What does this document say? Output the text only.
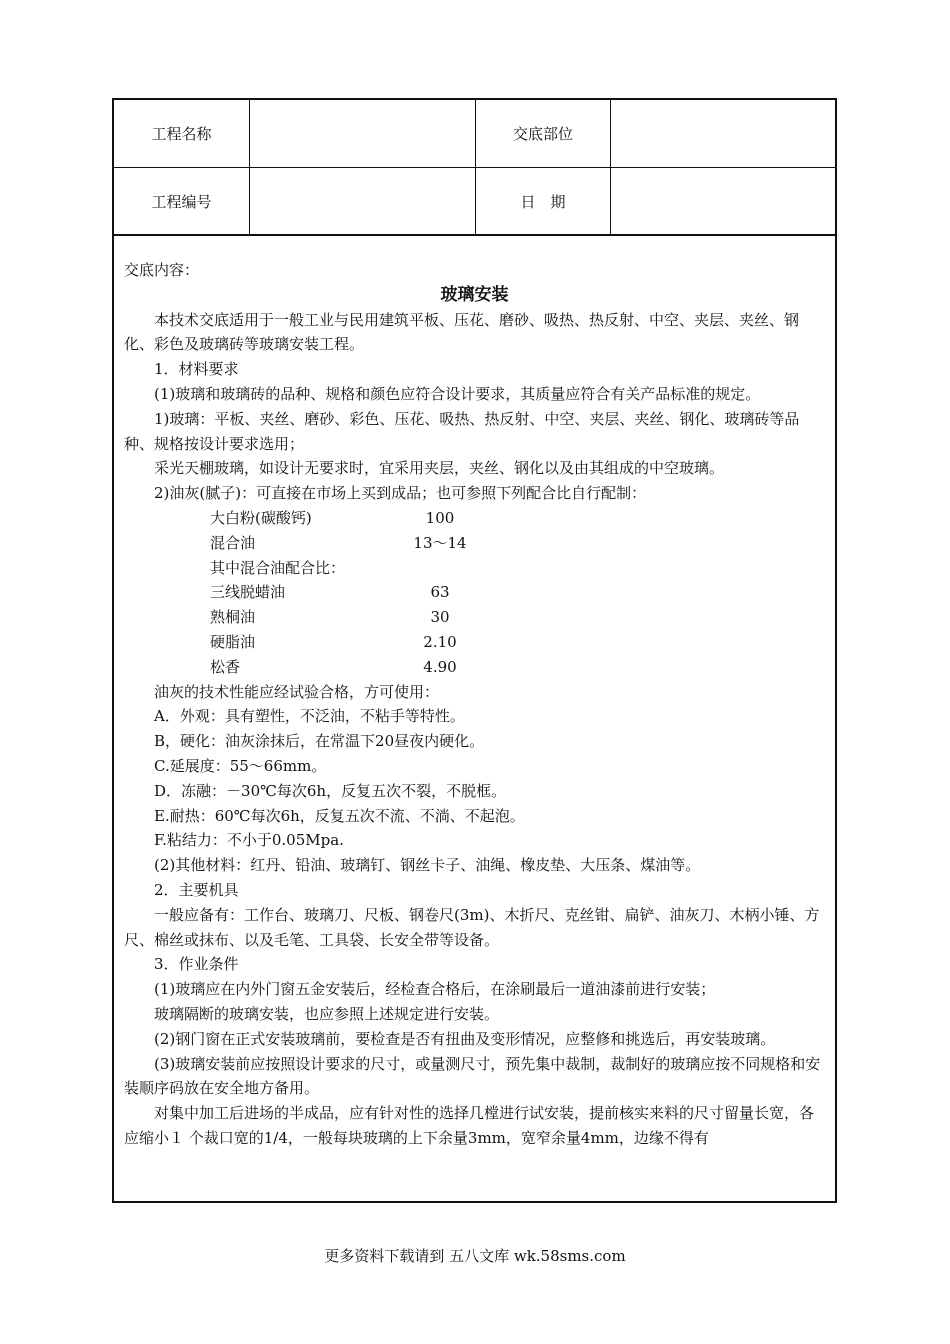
工程名称	交底部位
工程编号	日　期

交底内容：

玻璃安装

本技术交底适用于一般工业与民用建筑平板、压花、磨砂、吸热、热反射、中空、夹层、夹丝、钢化、彩色及玻璃砖等玻璃安装工程。

1．材料要求

(1)玻璃和玻璃砖的品种、规格和颜色应符合设计要求，其质量应符合有关产品标准的规定。

1)玻璃：平板、夹丝、磨砂、彩色、压花、吸热、热反射、中空、夹层、夹丝、钢化、玻璃砖等品种、规格按设计要求选用；

采光天棚玻璃，如设计无要求时，宜采用夹层，夹丝、钢化以及由其组成的中空玻璃。

2)油灰(腻子)：可直接在市场上买到成品；也可参照下列配合比自行配制：

大白粉(碳酸钙)	100
混合油	13～14

其中混合油配合比：

三线脱蜡油	63
熟桐油	30
硬脂油	2.10
松香	4.90

油灰的技术性能应经试验合格，方可使用：

A．外观：具有塑性，不泛油，不粘手等特性。

B，硬化：油灰涂抹后，在常温下20昼夜内硬化。

C.延展度：55～66mm。

D．冻融：－30℃每次6h，反复五次不裂，不脱框。

E.耐热：60℃每次6h，反复五次不流、不淌、不起泡。

F.粘结力：不小于0.05Mpa.

(2)其他材料：红丹、铅油、玻璃钉、钢丝卡子、油绳、橡皮垫、大压条、煤油等。

2．主要机具

一般应备有：工作台、玻璃刀、尺板、钢卷尺(3m)、木折尺、克丝钳、扁铲、油灰刀、木柄小锤、方尺、棉丝或抹布、以及毛笔、工具袋、长安全带等设备。

3．作业条件

(1)玻璃应在内外门窗五金安装后，经检查合格后，在涂刷最后一道油漆前进行安装；

玻璃隔断的玻璃安装，也应参照上述规定进行安装。

(2)钢门窗在正式安装玻璃前，要检查是否有扭曲及变形情况，应整修和挑选后，再安装玻璃。

(3)玻璃安装前应按照设计要求的尺寸，或量测尺寸，预先集中裁制，裁制好的玻璃应按不同规格和安装顺序码放在安全地方备用。

对集中加工后进场的半成品，应有针对性的选择几樘进行试安装，提前核实来料的尺寸留量长宽，各应缩小１ 个裁口宽的1/4，一般每块玻璃的上下余量3mm，宽窄余量4mm，边缘不得有

更多资料下载请到 五八文库 wk.58sms.com
